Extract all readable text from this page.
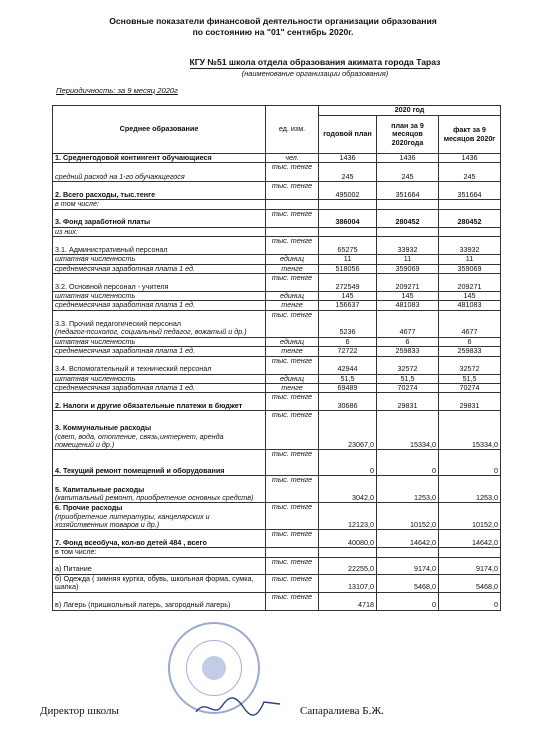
Основные показатели финансовой деятельности организации образования
по состоянию на "01" сентябрь 2020г.
КГУ №51 школа отдела образования акимата города Тараз
(наименование организации образования)
Периодичность: за 9 месяц 2020г
Среднее образование	ед. изм.	2020 год		
		годовой план	план за 9 месяцов 2020года	факт за 9 месяцов 2020г
1. Среднегодовой контингент обучающиеся	чел.	1436	1436	1436
средний расход на 1-го обучающегося	тыс. тенге	245	245	245
2. Всего расходы, тыс.тенге	тыс. тенге	495002	351664	351664
в том числе:				
3. Фонд заработной платы	тыс. тенге	386004	280452	280452
из них:				
3.1. Административный персонал	тыс. тенге	65275	33932	33932
штатная численность	единиц	11	11	11
среднемесячная заработная плата 1 ед.	тенге	518056	359069	359069
3.2. Основной персонал - учителя	тыс. тенге	272549	209271	209271
штатная численность	единиц	145	145	145
среднемесячная заработная плата 1 ед.	тенге	156637	481083	481083
3.3. Прочий педагогический персонал
(педагог-психолог, социальный педагог, вожатый и др.)	тыс. тенге	5236	4677	4677
штатная численность	единиц	6	6	6
среднемесячная заработная плата 1 ед.	тенге	72722	259833	259833
3.4. Вспомогательный и технический персонал	тыс. тенге	42944	32572	32572
штатная численность	единиц	51,5	51,5	51,5
среднемесячная заработная плата 1 ед.	тенге	69489	70274	70274
2. Налоги и другие обязательные платежи в бюджет	тыс. тенге	30686	29831	29831
3. Коммунальные расходы
(свет, вода, отопление, связь,интернет, аренда помещений и др.)	тыс. тенге	23067,0	15334,0	15334,0
4. Текущий ремонт помещений и оборудования	тыс. тенге	0	0	0
5. Капитальные расходы
(капитальный ремонт, приобретение основных средств)	тыс. тенге	3042,0	1253,0	1253,0
6. Прочие расходы
(приобретение литературы, канцелярских и хозяйственных товаров и др.)	тыс. тенге	12123,0	10152,0	10152,0
7. Фонд всеобуча, кол-во детей 484 , всего	тыс. тенге	40080,0	14642,0	14642,0
в том числе:				
а) Питание	тыс. тенге	22255,0	9174,0	9174,0
б) Одежда ( зимняя куртка, обувь, школьная форма, сумка, шапка)	тыс. тенге	13107,0	5468,0	5468,0
в) Лагерь (пришкольный лагерь, загородный лагерь)	тыс. тенге	4718	0	0
Директор школы	Сапаралиева Б.Ж.
